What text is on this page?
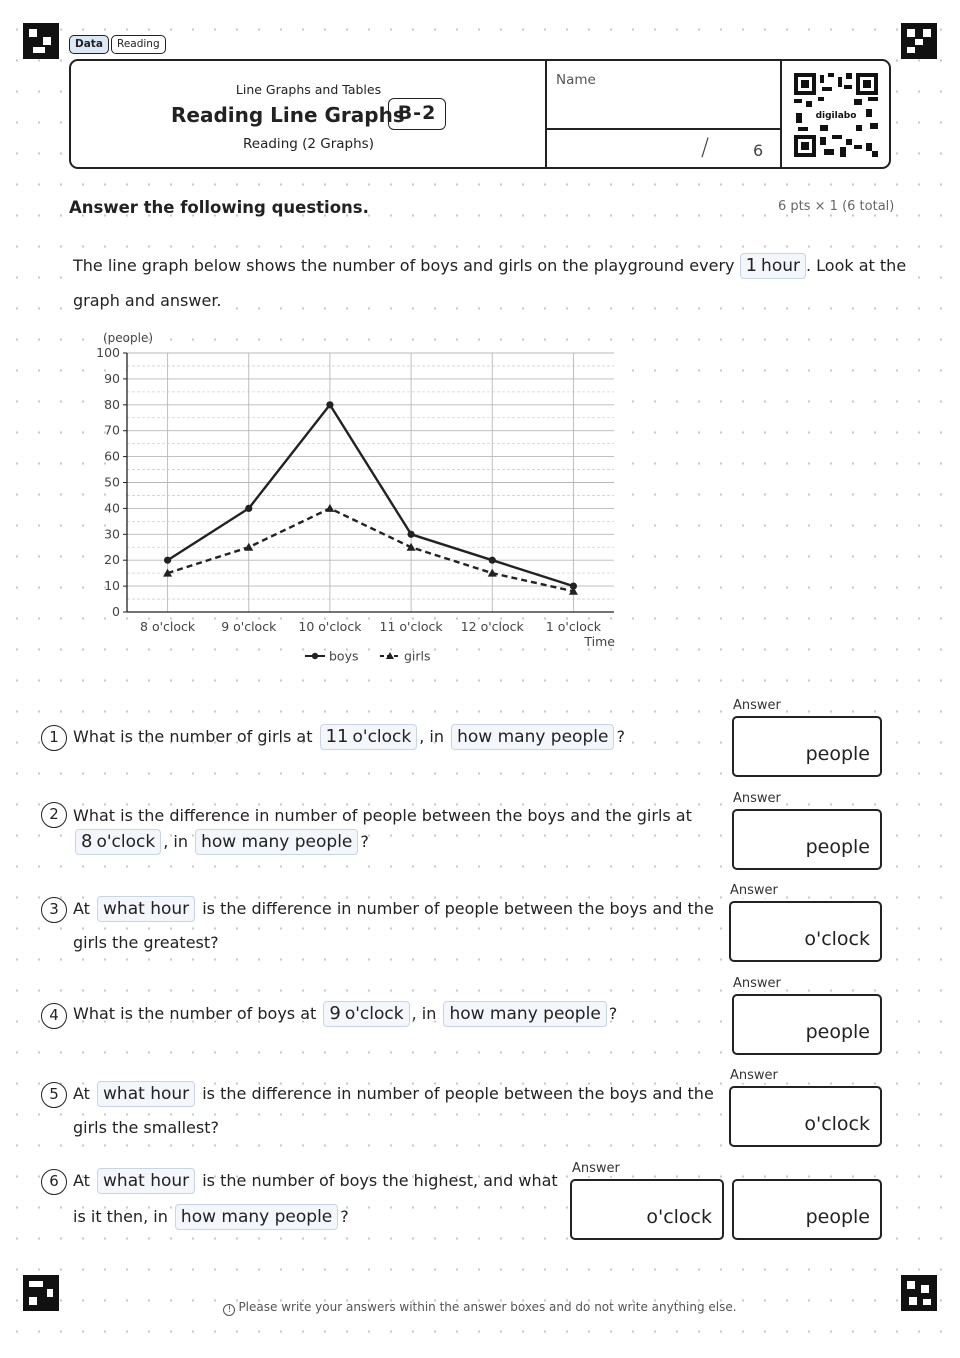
Data	Reading
Line Graphs and Tables
Reading Line Graphs
B-2
Reading (2 Graphs)
Name
/	6
digilabo
Answer the following questions.	6 pts × 1 (6 total)
The line graph below shows the number of boys and girls on the playground every 1 hour . Look at the
graph and answer.
0
10
20
30
40
50
60
70
80
90
100
8 o'clock 9 o'clock 10 o'clock 11 o'clock 12 o'clock 1 o'clock
(people)
Time
boys	girls
1 What is the number of girls at 11 o'clock , in how many people ?
Answer
people
2 What is the difference in number of people between the boys and the girls at
8 o'clock , in how many people ?
Answer
people
3 At what hour is the difference in number of people between the boys and the
girls the greatest?
Answer
o'clock
4 What is the number of boys at 9 o'clock , in how many people ?
Answer
people
5 At what hour is the difference in number of people between the boys and the
girls the smallest?
Answer
o'clock
6 At what hour is the number of boys the highest, and what
is it then, in how many people ?
Answer
o'clock	people
! Please write your answers within the answer boxes and do not write anything else.
